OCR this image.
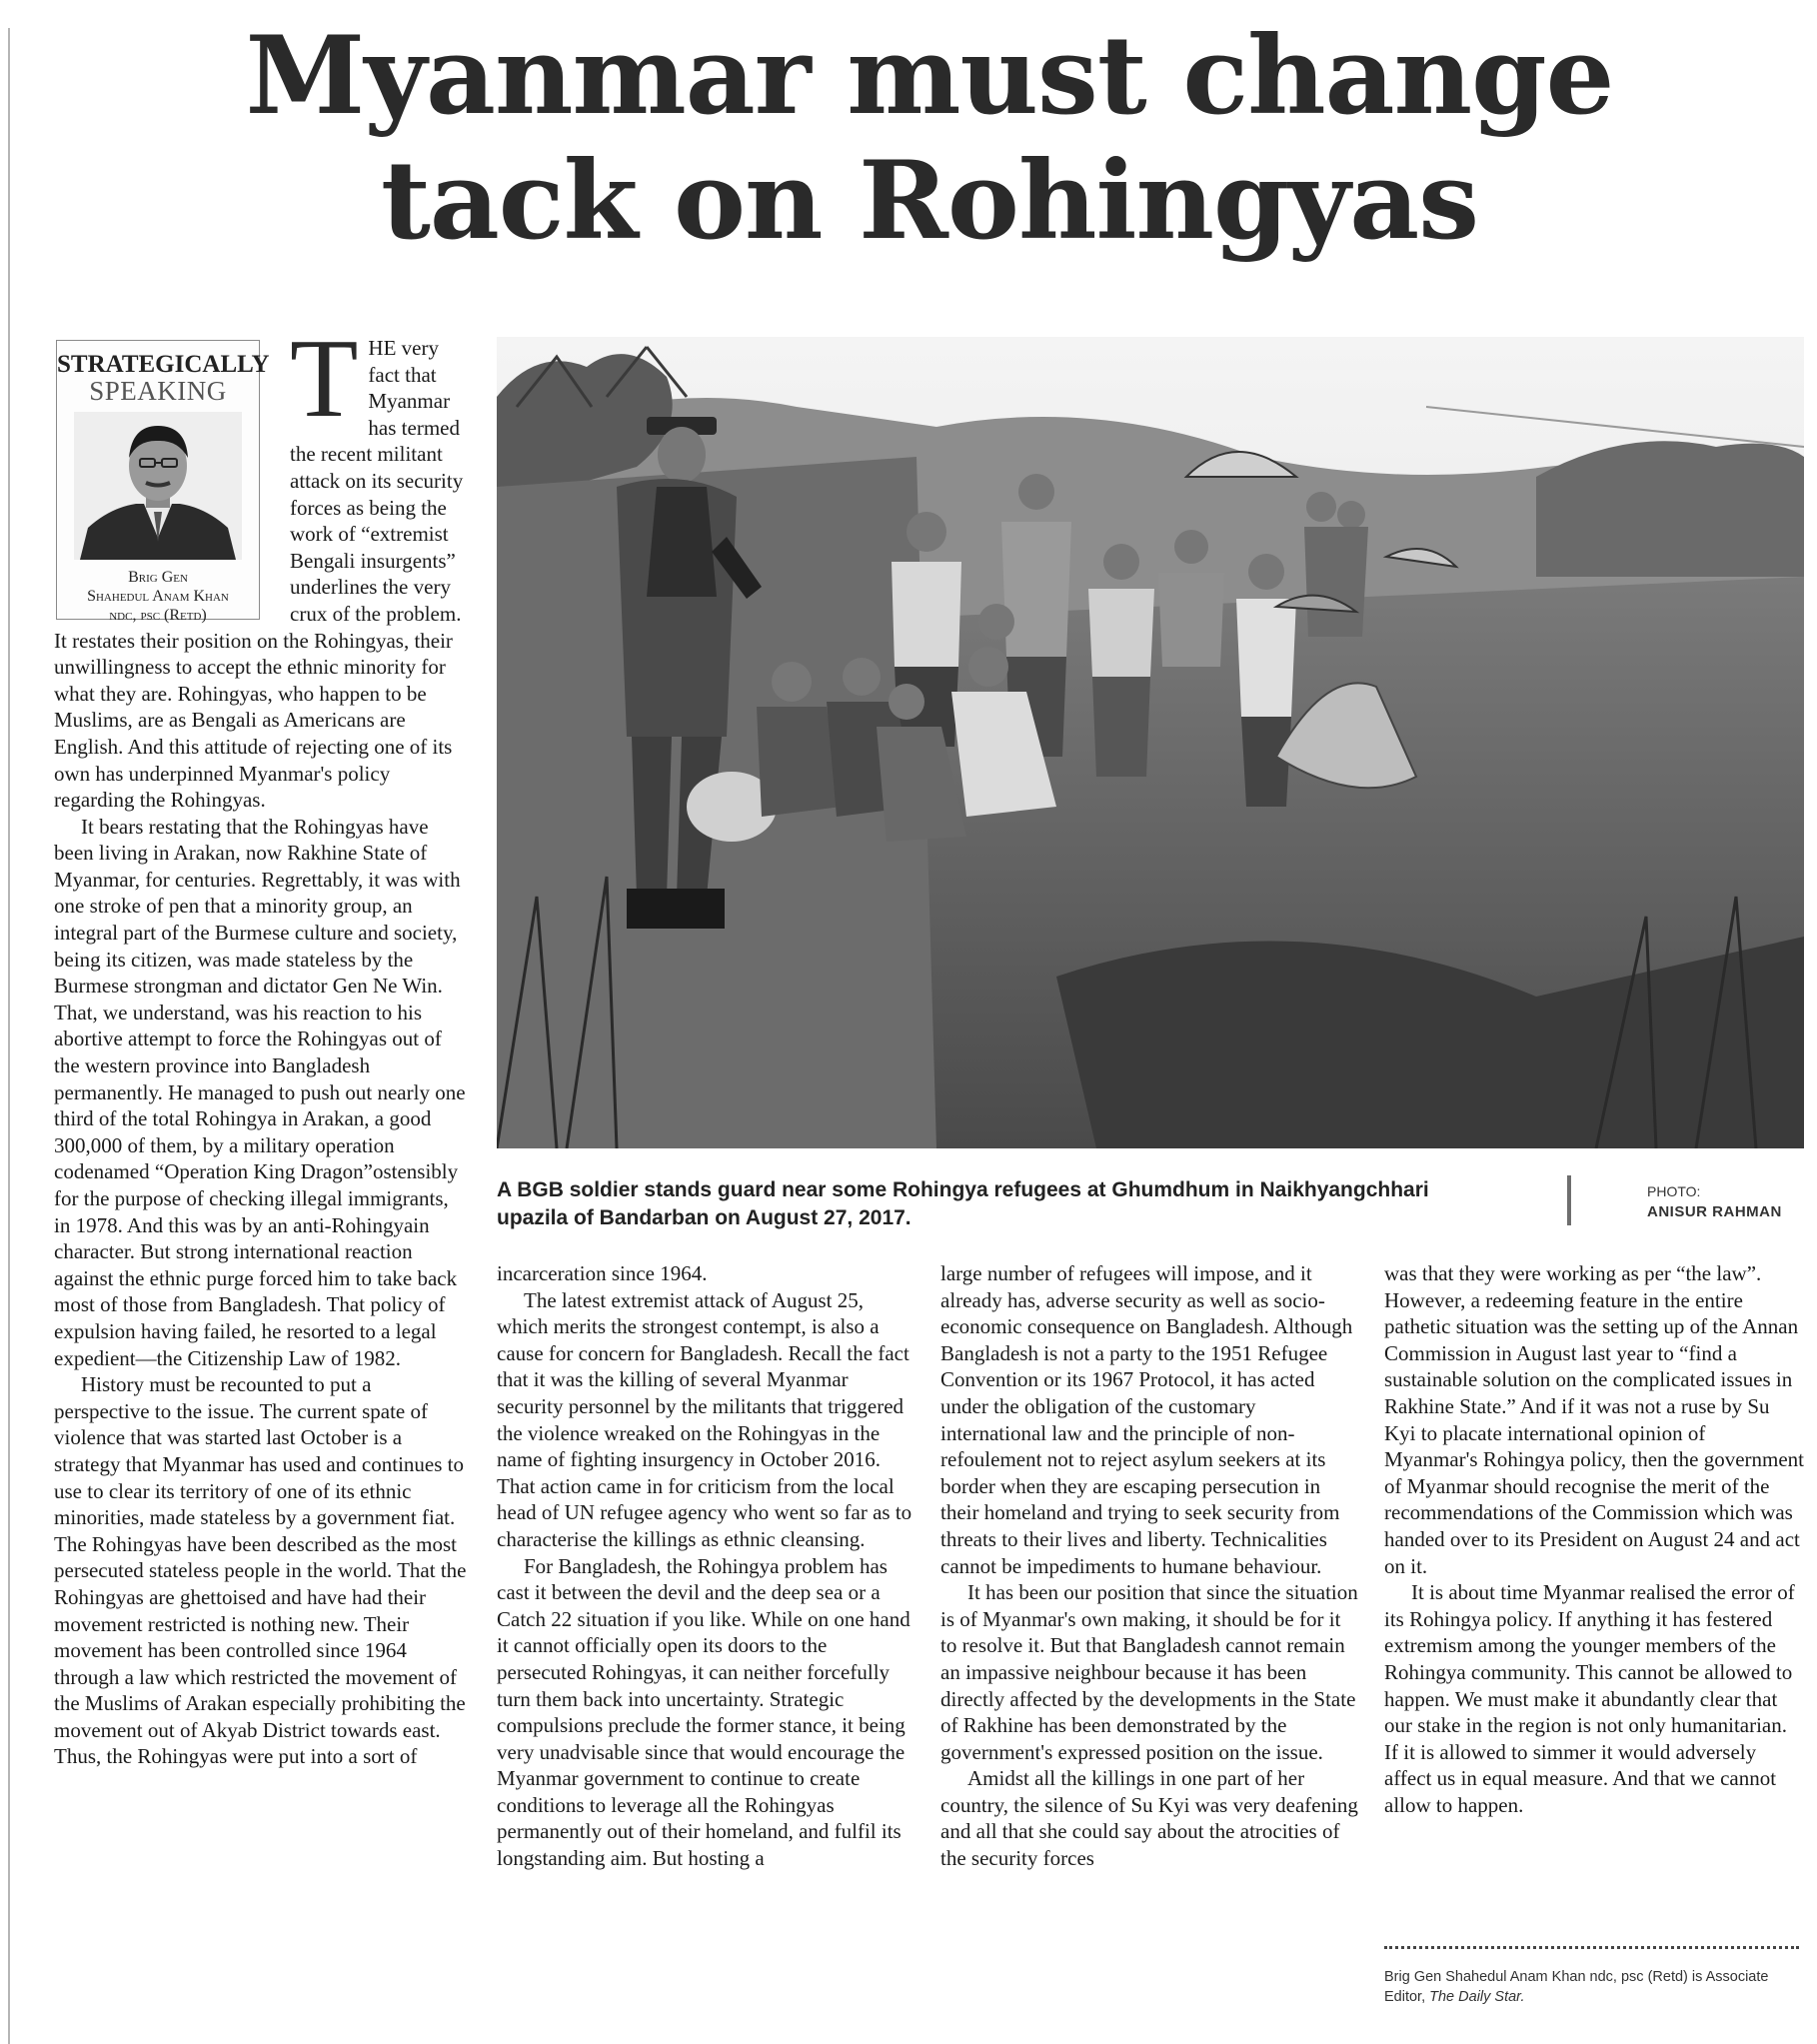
Myanmar must change
tack on Rohingyas
STRATEGICALLY
SPEAKING
Brig Gen
Shahedul Anam Khan
ndc, psc (Retd)

THE very fact that Myanmar has termed the recent militant attack on its security forces as being the work of “extremist Bengali insurgents” underlines the very crux of the problem. It restates their position on the Rohingyas, their unwillingness to accept the ethnic minority for what they are. Rohingyas, who happen to be Muslims, are as Bengali as Americans are English. And this attitude of rejecting one of its own has underpinned Myanmar's policy regarding the Rohingyas.

It bears restating that the Rohingyas have been living in Arakan, now Rakhine State of Myanmar, for centuries. Regrettably, it was with one stroke of pen that a minority group, an integral part of the Burmese culture and society, being its citizen, was made stateless by the Burmese strongman and dictator Gen Ne Win. That, we understand, was his reaction to his abortive attempt to force the Rohingyas out of the western province into Bangladesh permanently. He managed to push out nearly one third of the total Rohingya in Arakan, a good 300,000 of them, by a military operation codenamed “Operation King Dragon”ostensibly for the purpose of checking illegal immigrants, in 1978. And this was by an anti-Rohingyain character. But strong international reaction against the ethnic purge forced him to take back most of those from Bangladesh. That policy of expulsion having failed, he resorted to a legal expedient—the Citizenship Law of 1982.

History must be recounted to put a perspective to the issue. The current spate of violence that was started last October is a strategy that Myanmar has used and continues to use to clear its territory of one of its ethnic minorities, made stateless by a government fiat. The Rohingyas have been described as the most persecuted stateless people in the world. That the Rohingyas are ghettoised and have had their movement restricted is nothing new. Their movement has been controlled since 1964 through a law which restricted the movement of the Muslims of Arakan especially prohibiting the movement out of Akyab District towards east. Thus, the Rohingyas were put into a sort of

A BGB soldier stands guard near some Rohingya refugees at Ghumdhum in Naikhyangchhari upazila of Bandarban on August 27, 2017.
PHOTO:
ANISUR RAHMAN

incarceration since 1964.

The latest extremist attack of August 25, which merits the strongest contempt, is also a cause for concern for Bangladesh. Recall the fact that it was the killing of several Myanmar security personnel by the militants that triggered the violence wreaked on the Rohingyas in the name of fighting insurgency in October 2016. That action came in for criticism from the local head of UN refugee agency who went so far as to characterise the killings as ethnic cleansing.

For Bangladesh, the Rohingya problem has cast it between the devil and the deep sea or a Catch 22 situation if you like. While on one hand it cannot officially open its doors to the persecuted Rohingyas, it can neither forcefully turn them back into uncertainty. Strategic compulsions preclude the former stance, it being very unadvisable since that would encourage the Myanmar government to continue to create conditions to leverage all the Rohingyas permanently out of their homeland, and fulfil its longstanding aim. But hosting a

large number of refugees will impose, and it already has, adverse security as well as socio-economic consequence on Bangladesh. Although Bangladesh is not a party to the 1951 Refugee Convention or its 1967 Protocol, it has acted under the obligation of the customary international law and the principle of non-refoulement not to reject asylum seekers at its border when they are escaping persecution in their homeland and trying to seek security from threats to their lives and liberty. Technicalities cannot be impediments to humane behaviour.

It has been our position that since the situation is of Myanmar's own making, it should be for it to resolve it. But that Bangladesh cannot remain an impassive neighbour because it has been directly affected by the developments in the State of Rakhine has been demonstrated by the government's expressed position on the issue.

Amidst all the killings in one part of her country, the silence of Su Kyi was very deafening and all that she could say about the atrocities of the security forces

was that they were working as per “the law”. However, a redeeming feature in the entire pathetic situation was the setting up of the Annan Commission in August last year to “find a sustainable solution on the complicated issues in Rakhine State.” And if it was not a ruse by Su Kyi to placate international opinion of Myanmar's Rohingya policy, then the government of Myanmar should recognise the merit of the recommendations of the Commission which was handed over to its President on August 24 and act on it.

It is about time Myanmar realised the error of its Rohingya policy. If anything it has festered extremism among the younger members of the Rohingya community. This cannot be allowed to happen. We must make it abundantly clear that our stake in the region is not only humanitarian. If it is allowed to simmer it would adversely affect us in equal measure. And that we cannot allow to happen.

Brig Gen Shahedul Anam Khan ndc, psc (Retd) is Associate Editor, The Daily Star.
